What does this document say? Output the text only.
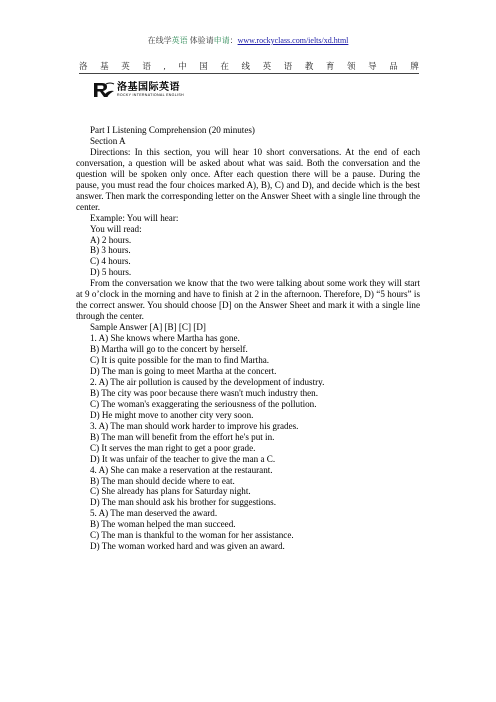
在线学英语 体验请申请：www.rockyclass.com/ielts/xd.html
洛 基 英 语 , 中 国 在 线 英 语 教 育 领 导 品 牌
洛基国际英语
ROCKY INTERNATIONAL ENGLISH

Part I Listening Comprehension (20 minutes)

Section A

Directions: In this section, you will hear 10 short conversations. At the end of each conversation, a question will be asked about what was said. Both the conversation and the question will be spoken only once. After each question there will be a pause. During the pause, you must read the four choices marked A), B), C) and D), and decide which is the best answer. Then mark the corresponding letter on the Answer Sheet with a single line through the center.

Example: You will hear:

You will read:

A) 2 hours.

B) 3 hours.

C) 4 hours.

D) 5 hours.

From the conversation we know that the two were talking about some work they will start at 9 o’clock in the morning and have to finish at 2 in the afternoon. Therefore, D) “5 hours” is the correct answer. You should choose [D] on the Answer Sheet and mark it with a single line through the center.

Sample Answer [A] [B] [C] [D]

1. A) She knows where Martha has gone.

B) Martha will go to the concert by herself.

C) It is quite possible for the man to find Martha.

D) The man is going to meet Martha at the concert.

2. A) The air pollution is caused by the development of industry.

B) The city was poor because there wasn't much industry then.

C) The woman's exaggerating the seriousness of the pollution.

D) He might move to another city very soon.

3. A) The man should work harder to improve his grades.

B) The man will benefit from the effort he's put in.

C) It serves the man right to get a poor grade.

D) It was unfair of the teacher to give the man a C.

4. A) She can make a reservation at the restaurant.

B) The man should decide where to eat.

C) She already has plans for Saturday night.

D) The man should ask his brother for suggestions.

5. A) The man deserved the award.

B) The woman helped the man succeed.

C) The man is thankful to the woman for her assistance.

D) The woman worked hard and was given an award.
